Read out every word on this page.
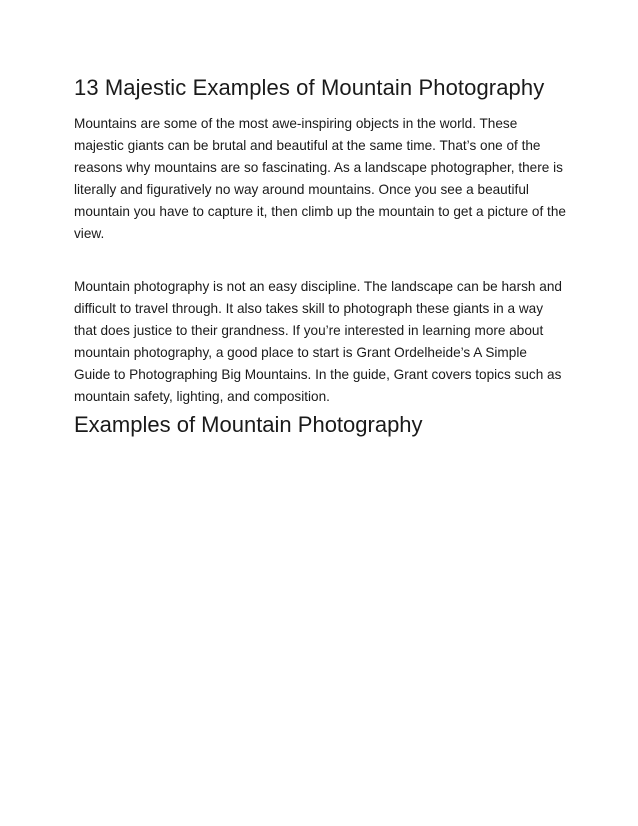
13 Majestic Examples of Mountain Photography

Mountains are some of the most awe-inspiring objects in the world. These majestic giants can be brutal and beautiful at the same time. That’s one of the reasons why mountains are so fascinating. As a landscape photographer, there is literally and figuratively no way around mountains. Once you see a beautiful mountain you have to capture it, then climb up the mountain to get a picture of the view.

Mountain photography is not an easy discipline. The landscape can be harsh and difficult to travel through. It also takes skill to photograph these giants in a way that does justice to their grandness. If you’re interested in learning more about mountain photography, a good place to start is Grant Ordelheide’s A Simple Guide to Photographing Big Mountains. In the guide, Grant covers topics such as mountain safety, lighting, and composition.

Examples of Mountain Photography
